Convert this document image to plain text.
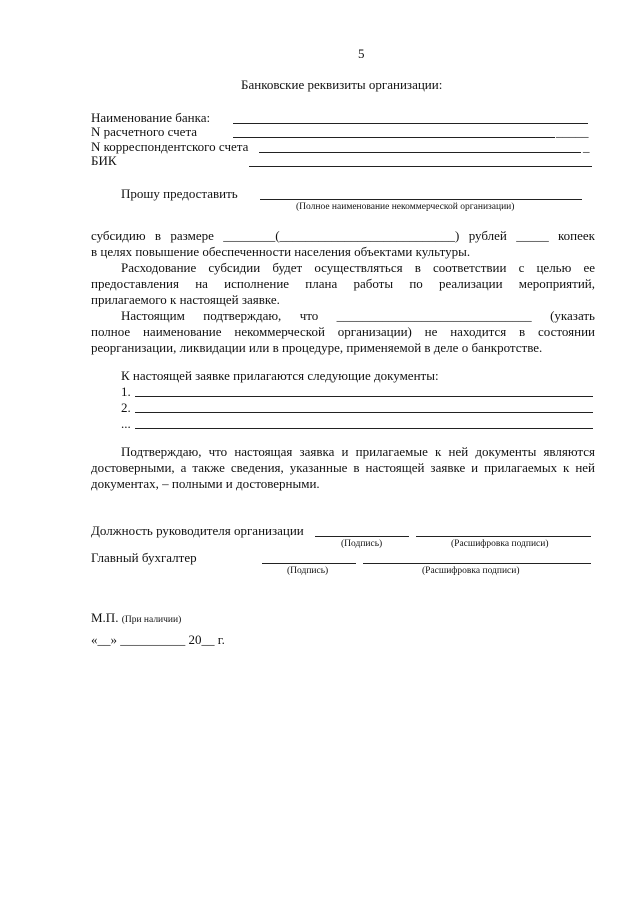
5
Банковские реквизиты организации:
Наименование банка:
N расчетного счета	_____
N корреспондентского счета	_
БИК
Прошу предоставить
(Полное наименование некоммерческой организации)
субсидию в размере ________(___________________________) рублей _____ копеек
в целях повышение обеспеченности населения объектами культуры.
Расходование субсидии будет осуществляться в соответствии с целью ее
предоставления на исполнение плана работы по реализации мероприятий,
прилагаемого к настоящей заявке.
Настоящим подтверждаю, что ______________________________ (указать
полное наименование некоммерческой организации) не находится в состоянии
реорганизации, ликвидации или в процедуре, применяемой в деле о банкротстве.
К настоящей заявке прилагаются следующие документы:
1.
2.
...
Подтверждаю, что настоящая заявка и прилагаемые к ней документы являются
достоверными, а также сведения, указанные в настоящей заявке и прилагаемых к ней
документах, – полными и достоверными.
Должность руководителя организации
(Подпись)	(Расшифровка подписи)
Главный бухгалтер
(Подпись)	(Расшифровка подписи)
М.П. (При наличии)
«__» __________ 20__ г.
